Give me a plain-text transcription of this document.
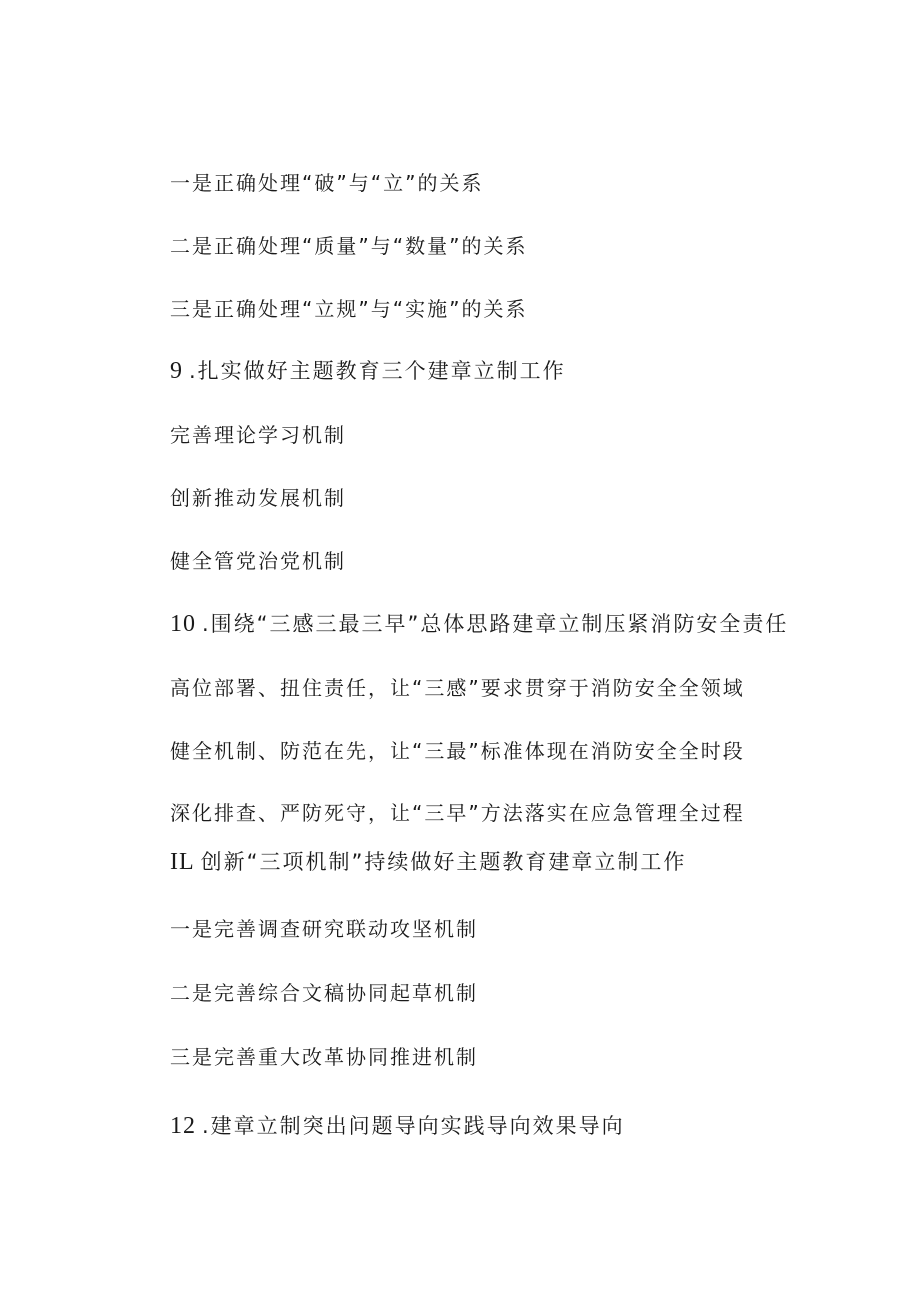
一是正确处理“破”与“立”的关系
二是正确处理“质量”与“数量”的关系
三是正确处理“立规”与“实施”的关系
9 .扎实做好主题教育三个建章立制工作
完善理论学习机制
创新推动发展机制
健全管党治党机制
10 .围绕“三感三最三早”总体思路建章立制压紧消防安全责任
高位部署、扭住责任，让“三感”要求贯穿于消防安全全领域
健全机制、防范在先，让“三最”标准体现在消防安全全时段
深化排查、严防死守，让“三早”方法落实在应急管理全过程
IL 创新“三项机制”持续做好主题教育建章立制工作
一是完善调查研究联动攻坚机制
二是完善综合文稿协同起草机制
三是完善重大改革协同推进机制
12 .建章立制突出问题导向实践导向效果导向
